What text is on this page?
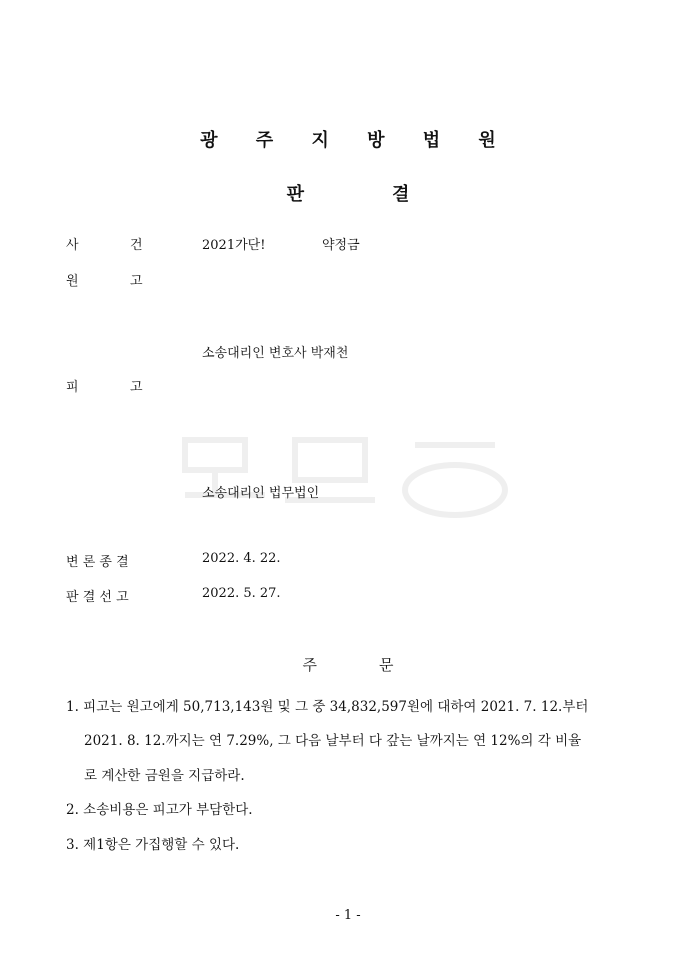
광 주 지 방 법 원
판	결
사	건	2021가단!	약정금
원	고
소송대리인 변호사 박재천
피	고
소송대리인 법무법인
변 론 종 결	2022. 4. 22.
판 결 선 고	2022. 5. 27.
주	문
1. 피고는 원고에게 50,713,143원 및 그 중 34,832,597원에 대하여 2021. 7. 12.부터
2021. 8. 12.까지는 연 7.29%, 그 다음 날부터 다 갚는 날까지는 연 12%의 각 비율
로 계산한 금원을 지급하라.
2. 소송비용은 피고가 부담한다.
3. 제1항은 가집행할 수 있다.
- 1 -
